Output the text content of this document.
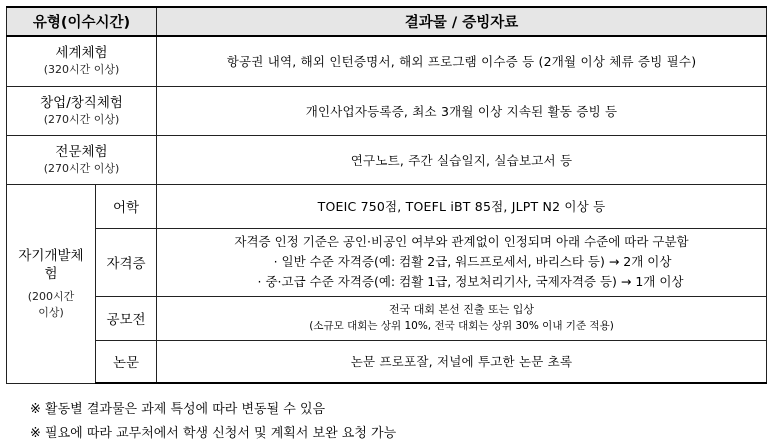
유형(이수시간)		결과물 / 증빙자료

세계체험
(320시간 이상)		항공권 내역, 해외 인턴증명서, 해외 프로그램 이수증 등 (2개월 이상 체류 증빙 필수)

창업/창직체험
(270시간 이상)		개인사업자등록증, 최소 3개월 이상 지속된 활동 증빙 등

전문체험
(270시간 이상)		연구노트, 주간 실습일지, 실습보고서 등

자기개발체
험
(200시간
이상)	어학	TOEIC 750점, TOEFL iBT 85점, JLPT N2 이상 등
	자격증	자격증 인정 기준은 공인·비공인 여부와 관계없이 인정되며 아래 수준에 따라 구분함
· 일반 수준 자격증(예: 컴활 2급, 워드프로세서, 바리스타 등) → 2개 이상
· 중·고급 수준 자격증(예: 컴활 1급, 정보처리기사, 국제자격증 등) → 1개 이상

	공모전	전국 대회 본선 진출 또는 입상
(소규모 대회는 상위 10%, 전국 대회는 상위 30% 이내 기준 적용)

	논문	논문 프로포잘, 저널에 투고한 논문 초록
※ 활동별 결과물은 과제 특성에 따라 변동될 수 있음
※ 필요에 따라 교무처에서 학생 신청서 및 계획서 보완 요청 가능
